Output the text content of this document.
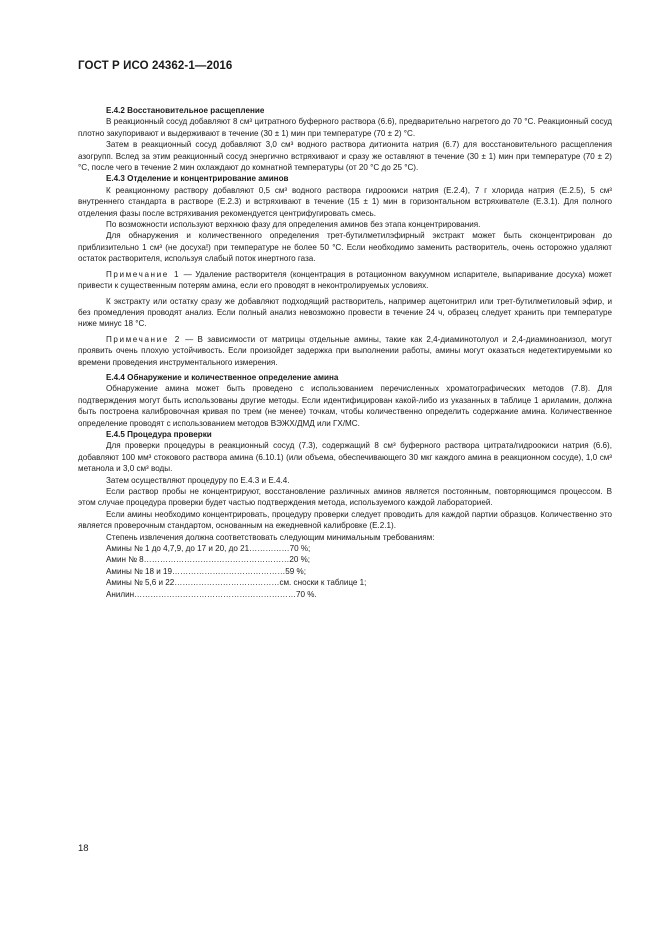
ГОСТ Р ИСО 24362-1—2016

Е.4.2 Восстановительное расщепление

В реакционный сосуд добавляют 8 см³ цитратного буферного раствора (6.6), предварительно нагретого до 70 °С. Реакционный сосуд плотно закупоривают и выдерживают в течение (30 ± 1) мин при температуре (70 ± 2) °С.

Затем в реакционный сосуд добавляют 3,0 см³ водного раствора дитионита натрия (6.7) для восстановительного расщепления азогрупп. Вслед за этим реакционный сосуд энергично встряхивают и сразу же оставляют в течение (30 ± 1) мин при температуре (70 ± 2) °С, после чего в течение 2 мин охлаждают до комнатной температуры (от 20 °С до 25 °С).

Е.4.3 Отделение и концентрирование аминов

К реакционному раствору добавляют 0,5 см³ водного раствора гидроокиси натрия (Е.2.4), 7 г хлорида натрия (Е.2.5), 5 см³ внутреннего стандарта в растворе (Е.2.3) и встряхивают в течение (15 ± 1) мин в горизонтальном встряхивателе (Е.3.1). Для полного отделения фазы после встряхивания рекомендуется центрифугировать смесь.

По возможности используют верхнюю фазу для определения аминов без этапа концентрирования.

Для обнаружения и количественного определения трет-бутилметилэфирный экстракт может быть сконцентрирован до приблизительно 1 см³ (не досуха!) при температуре не более 50 °С. Если необходимо заменить растворитель, очень осторожно удаляют остаток растворителя, используя слабый поток инертного газа.

Примечание 1 — Удаление растворителя (концентрация в ротационном вакуумном испарителе, выпаривание досуха) может привести к существенным потерям амина, если его проводят в неконтролируемых условиях.

К экстракту или остатку сразу же добавляют подходящий растворитель, например ацетонитрил или трет-бутилметиловый эфир, и без промедления проводят анализ. Если полный анализ невозможно провести в течение 24 ч, образец следует хранить при температуре ниже минус 18 °С.

Примечание 2 — В зависимости от матрицы отдельные амины, такие как 2,4-диаминотолуол и 2,4-диаминоанизол, могут проявить очень плохую устойчивость. Если произойдет задержка при выполнении работы, амины могут оказаться недетектируемыми ко времени проведения инструментального измерения.

Е.4.4 Обнаружение и количественное определение амина

Обнаружение амина может быть проведено с использованием перечисленных хроматографических методов (7.8). Для подтверждения могут быть использованы другие методы. Если идентифицирован какой-либо из указанных в таблице 1 ариламин, должна быть построена калибровочная кривая по трем (не менее) точкам, чтобы количественно определить содержание амина. Количественное определение проводят с использованием методов ВЭЖХ/ДМД или ГХ/МС.

Е.4.5 Процедура проверки

Для проверки процедуры в реакционный сосуд (7.3), содержащий 8 см³ буферного раствора цитрата/гидроокиси натрия (6.6), добавляют 100 мм³ стокового раствора амина (6.10.1) (или объема, обеспечивающего 30 мкг каждого амина в реакционном сосуде), 1,0 см³ метанола и 3,0 см³ воды.

Затем осуществляют процедуру по Е.4.3 и Е.4.4.

Если раствор пробы не концентрируют, восстановление различных аминов является постоянным, повторяющимся процессом. В этом случае процедура проверки будет частью подтверждения метода, используемого каждой лабораторией.

Если амины необходимо концентрировать, процедуру проверки следует проводить для каждой партии образцов. Количественно это является проверочным стандартом, основанным на ежедневной калибровке (Е.2.1).

Степень извлечения должна соответствовать следующим минимальным требованиям:

Амины № 1 до 4,7,9, до 17 и 20, до 21……………70 %;

Амин № 8………………………………………………20 %;

Амины № 18 и 19……………………………………59 %;

Амины № 5,6 и 22…………………………………см. сноски к таблице 1;

Анилин……………………………………………………70 %.

18
